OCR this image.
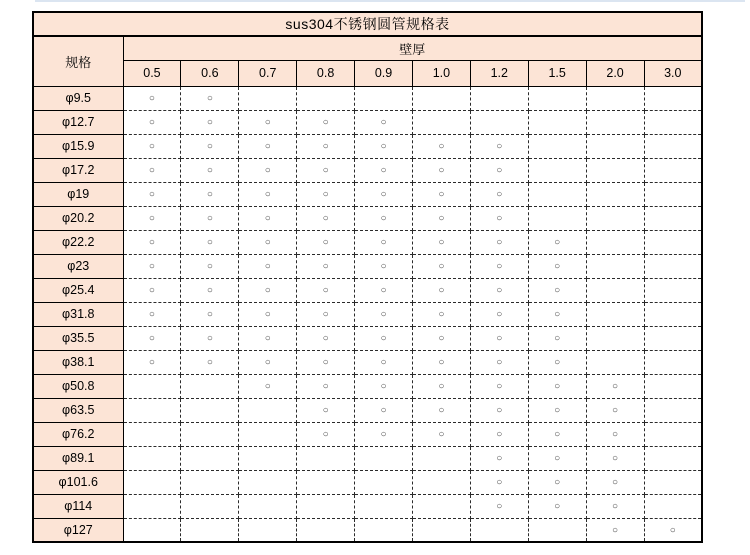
sus304不锈钢圆管规格表										
规格	壁厚									
	0.5	0.6	0.7	0.8	0.9	1.0	1.2	1.5	2.0	3.0
φ9.5	○	○								
φ12.7	○	○	○	○	○					
φ15.9	○	○	○	○	○	○	○			
φ17.2	○	○	○	○	○	○	○			
φ19	○	○	○	○	○	○	○			
φ20.2	○	○	○	○	○	○	○			
φ22.2	○	○	○	○	○	○	○	○		
φ23	○	○	○	○	○	○	○	○		
φ25.4	○	○	○	○	○	○	○	○		
φ31.8	○	○	○	○	○	○	○	○		
φ35.5	○	○	○	○	○	○	○	○		
φ38.1	○	○	○	○	○	○	○	○		
φ50.8			○	○	○	○	○	○	○	
φ63.5				○	○	○	○	○	○	
φ76.2				○	○	○	○	○	○	
φ89.1							○	○	○	
φ101.6							○	○	○	
φ114							○	○	○	
φ127									○	○
